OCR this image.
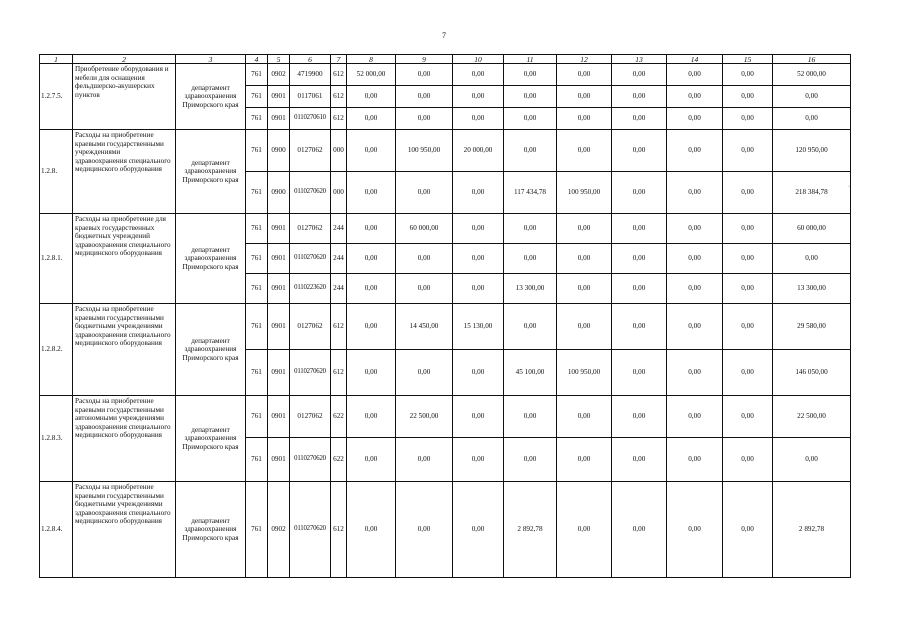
7
1	2	3	4	5	6	7	8	9	10	11	12	13	14	15	16
1.2.7.5.	Приобретение оборудования и мебели для оснащения фельдшерско-акушерских пунктов	департамент здравоохранения Приморского края	761	0902	4719900	612	52 000,00	0,00	0,00	0,00	0,00	0,00	0,00	0,00	52 000,00
			761	0901	0117061	612	0,00	0,00	0,00	0,00	0,00	0,00	0,00	0,00	0,00
			761	0901	0110270610	612	0,00	0,00	0,00	0,00	0,00	0,00	0,00	0,00	0,00
1.2.8.	Расходы на приобретение краевыми государственными учреждениями здравоохранения специального медицинского оборудования	департамент здравоохранения Приморского края	761	0900	0127062	000	0,00	100 950,00	20 000,00	0,00	0,00	0,00	0,00	0,00	120 950,00
			761	0900	0110270620	000	0,00	0,00	0,00	117 434,78	100 950,00	0,00	0,00	0,00	218 384,78
1.2.8.1.	Расходы на приобретение для краевых государственных бюджетных учреждений здравоохранения специального медицинского оборудования	департамент здравоохранения Приморского края	761	0901	0127062	244	0,00	60 000,00	0,00	0,00	0,00	0,00	0,00	0,00	60 000,00
			761	0901	0110270620	244	0,00	0,00	0,00	0,00	0,00	0,00	0,00	0,00	0,00
			761	0901	0110223620	244	0,00	0,00	0,00	13 300,00	0,00	0,00	0,00	0,00	13 300,00
1.2.8.2.	Расходы на приобретение краевыми государственными бюджетными учреждениями здравоохранения специального медицинского оборудования	департамент здравоохранения Приморского края	761	0901	0127062	612	0,00	14 450,00	15 130,00	0,00	0,00	0,00	0,00	0,00	29 580,00
			761	0901	0110270620	612	0,00	0,00	0,00	45 100,00	100 950,00	0,00	0,00	0,00	146 050,00
1.2.8.3.	Расходы на приобретение краевыми государственными автономными учреждениями здравоохранения специального медицинского оборудования	департамент здравоохранения Приморского края	761	0901	0127062	622	0,00	22 500,00	0,00	0,00	0,00	0,00	0,00	0,00	22 500,00
			761	0901	0110270620	622	0,00	0,00	0,00	0,00	0,00	0,00	0,00	0,00	0,00
1.2.8.4.	Расходы на приобретение краевыми государственными бюджетными учреждениями здравоохранения специального медицинского оборудования	департамент здравоохранения Приморского края	761	0902	0110270620	612	0,00	0,00	0,00	2 892,78	0,00	0,00	0,00	0,00	2 892,78
·
